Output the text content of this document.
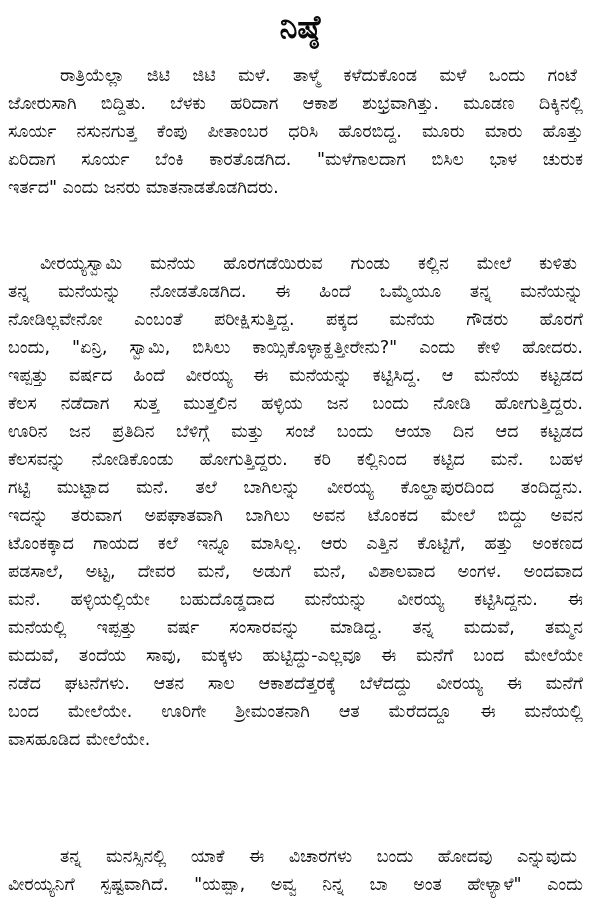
ನಿಷ್ಠೆ
ರಾತ್ರಿಯೆಲ್ಲಾ ಜಿಟಿ ಜಿಟಿ ಮಳೆ. ತಾಳ್ಮೆ ಕಳೆದುಕೊಂಡ ಮಳೆ ಒಂದು ಗಂಟೆ
ಜೋರುಸಾಗಿ ಬಿದ್ದಿತು. ಬೆಳಕು ಹರಿದಾಗ ಆಕಾಶ ಶುಭ್ರವಾಗಿತ್ತು. ಮೂಡಣ ದಿಕ್ಕಿನಲ್ಲಿ
ಸೂರ್ಯ ನಸುನಗುತ್ತ ಕೆಂಪು ಪೀತಾಂಬರ ಧರಿಸಿ ಹೊರಬಿದ್ದ. ಮೂರು ಮಾರು ಹೊತ್ತು
ಏರಿದಾಗ ಸೂರ್ಯ ಬೆಂಕಿ ಕಾರತೊಡಗಿದ. "ಮಳೆಗಾಲದಾಗ ಬಿಸಿಲ ಭಾಳ ಚುರುಕ
ಇರ್ತದ" ಎಂದು ಜನರು ಮಾತನಾಡತೊಡಗಿದರು.
ವೀರಯ್ಯಸ್ವಾಮಿ ಮನೆಯ ಹೊರಗಡೆಯಿರುವ ಗುಂಡು ಕಲ್ಲಿನ ಮೇಲೆ ಕುಳಿತು
ತನ್ನ ಮನೆಯನ್ನು ನೋಡತೊಡಗಿದ. ಈ ಹಿಂದೆ ಒಮ್ಮೆಯೂ ತನ್ನ ಮನೆಯನ್ನು
ನೋಡಿಲ್ಲವೇನೋ ಎಂಬಂತೆ ಪರೀಕ್ಷಿಸುತ್ತಿದ್ದ. ಪಕ್ಕದ ಮನೆಯ ಗೌಡರು ಹೊರಗೆ
ಬಂದು, "ಏನ್ರಿ, ಸ್ವಾಮಿ, ಬಿಸಿಲು ಕಾಯ್ಸಿಕೊಳ್ಳಾಕ್ಹತ್ತೀರೇನು?" ಎಂದು ಕೇಳಿ ಹೋದರು.
ಇಪ್ಪತ್ತು ವರ್ಷದ ಹಿಂದೆ ವೀರಯ್ಯ ಈ ಮನೆಯನ್ನು ಕಟ್ಟಿಸಿದ್ದ. ಆ ಮನೆಯ ಕಟ್ಟಡದ
ಕೆಲಸ ನಡೆದಾಗ ಸುತ್ತ ಮುತ್ತಲಿನ ಹಳ್ಳಿಯ ಜನ ಬಂದು ನೋಡಿ ಹೋಗುತ್ತಿದ್ದರು.
ಊರಿನ ಜನ ಪ್ರತಿದಿನ ಬೆಳಿಗ್ಗೆ ಮತ್ತು ಸಂಜೆ ಬಂದು ಆಯಾ ದಿನ ಆದ ಕಟ್ಟಡದ
ಕೆಲಸವನ್ನು ನೋಡಿಕೊಂಡು ಹೋಗುತ್ತಿದ್ದರು. ಕರಿ ಕಲ್ಲಿನಿಂದ ಕಟ್ಟಿದ ಮನೆ. ಬಹಳ
ಗಟ್ಟಿ ಮುಟ್ಟಾದ ಮನೆ. ತಲೆ ಬಾಗಿಲನ್ನು ವೀರಯ್ಯ ಕೊಲ್ಹಾಪುರದಿಂದ ತಂದಿದ್ದನು.
ಇದನ್ನು ತರುವಾಗ ಅಪಘಾತವಾಗಿ ಬಾಗಿಲು ಅವನ ಟೊಂಕದ ಮೇಲೆ ಬಿದ್ದು ಅವನ
ಟೊಂಕಕ್ಕಾದ ಗಾಯದ ಕಲೆ ಇನ್ನೂ ಮಾಸಿಲ್ಲ. ಆರು ಎತ್ತಿನ ಕೊಟ್ಟಿಗೆ, ಹತ್ತು ಅಂಕಣದ
ಪಡಸಾಲೆ, ಅಟ್ಟ, ದೇವರ ಮನೆ, ಅಡುಗೆ ಮನೆ, ವಿಶಾಲವಾದ ಅಂಗಳ. ಅಂದವಾದ
ಮನೆ. ಹಳ್ಳಿಯಲ್ಲಿಯೇ ಬಹುದೊಡ್ಡದಾದ ಮನೆಯನ್ನು ವೀರಯ್ಯ ಕಟ್ಟಿಸಿದ್ದನು. ಈ
ಮನೆಯಲ್ಲಿ ಇಪ್ಪತ್ತು ವರ್ಷ ಸಂಸಾರವನ್ನು ಮಾಡಿದ್ದ. ತನ್ನ ಮದುವೆ, ತಮ್ಮನ
ಮದುವೆ, ತಂದೆಯ ಸಾವು, ಮಕ್ಕಳು ಹುಟ್ಟಿದ್ದು-ಎಲ್ಲವೂ ಈ ಮನೆಗೆ ಬಂದ ಮೇಲೆಯೇ
ನಡೆದ ಘಟನೆಗಳು. ಆತನ ಸಾಲ ಆಕಾಶದೆತ್ತರಕ್ಕೆ ಬೆಳೆದದ್ದು ವೀರಯ್ಯ ಈ ಮನೆಗೆ
ಬಂದ ಮೇಲೆಯೇ. ಊರಿಗೇ ಶ್ರೀಮಂತನಾಗಿ ಆತ ಮೆರೆದದ್ದೂ ಈ ಮನೆಯಲ್ಲಿ
ವಾಸಹೂಡಿದ ಮೇಲೆಯೇ.
ತನ್ನ ಮನಸ್ಸಿನಲ್ಲಿ ಯಾಕೆ ಈ ವಿಚಾರಗಳು ಬಂದು ಹೋದವು ಎನ್ನುವುದು
ವೀರಯ್ಯನಿಗೆ ಸ್ಪಷ್ಟವಾಗಿದೆ. "ಯಪ್ಪಾ, ಅವ್ವ ನಿನ್ನ ಬಾ ಅಂತ ಹೇಳ್ಯಾಳೆ" ಎಂದು
